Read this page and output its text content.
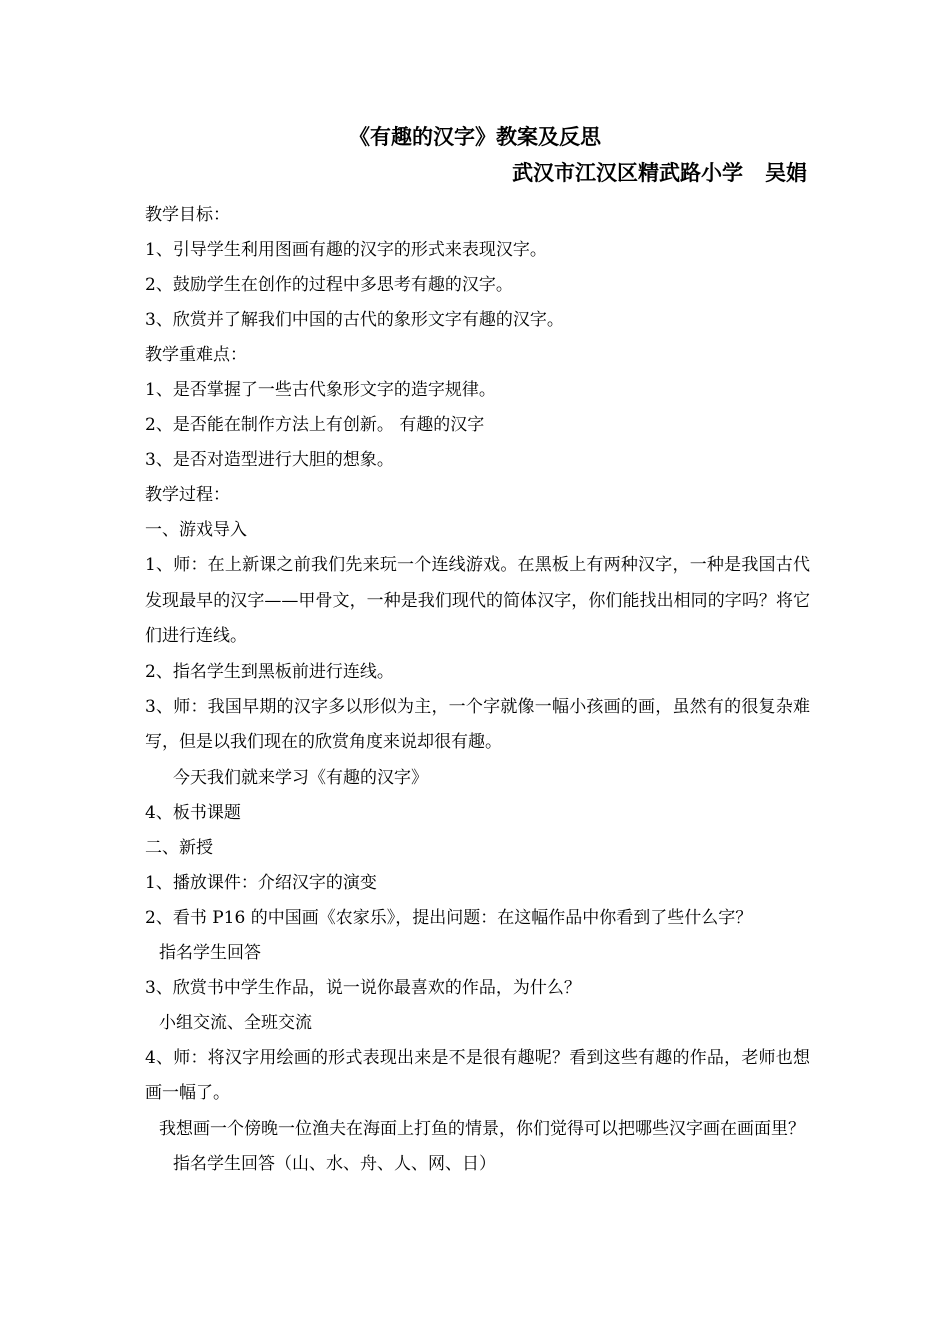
《有趣的汉字》教案及反思
武汉市江汉区精武路小学   吴娟
教学目标：
1、引导学生利用图画有趣的汉字的形式来表现汉字。
2、鼓励学生在创作的过程中多思考有趣的汉字。
3、欣赏并了解我们中国的古代的象形文字有趣的汉字。
教学重难点：
1、是否掌握了一些古代象形文字的造字规律。
2、是否能在制作方法上有创新。 有趣的汉字
3、是否对造型进行大胆的想象。
教学过程：
一、游戏导入
1、师：在上新课之前我们先来玩一个连线游戏。在黑板上有两种汉字，一种是我国古代发现最早的汉字——甲骨文，一种是我们现代的简体汉字，你们能找出相同的字吗？将它们进行连线。
2、指名学生到黑板前进行连线。
3、师：我国早期的汉字多以形似为主，一个字就像一幅小孩画的画，虽然有的很复杂难写，但是以我们现在的欣赏角度来说却很有趣。
今天我们就来学习《有趣的汉字》
4、板书课题
二、新授
1、播放课件：介绍汉字的演变
2、看书 P16 的中国画《农家乐》，提出问题：在这幅作品中你看到了些什么字？
指名学生回答
3、欣赏书中学生作品，说一说你最喜欢的作品，为什么？
小组交流、全班交流
4、师：将汉字用绘画的形式表现出来是不是很有趣呢？看到这些有趣的作品，老师也想画一幅了。
我想画一个傍晚一位渔夫在海面上打鱼的情景，你们觉得可以把哪些汉字画在画面里？
指名学生回答（山、水、舟、人、网、日）
